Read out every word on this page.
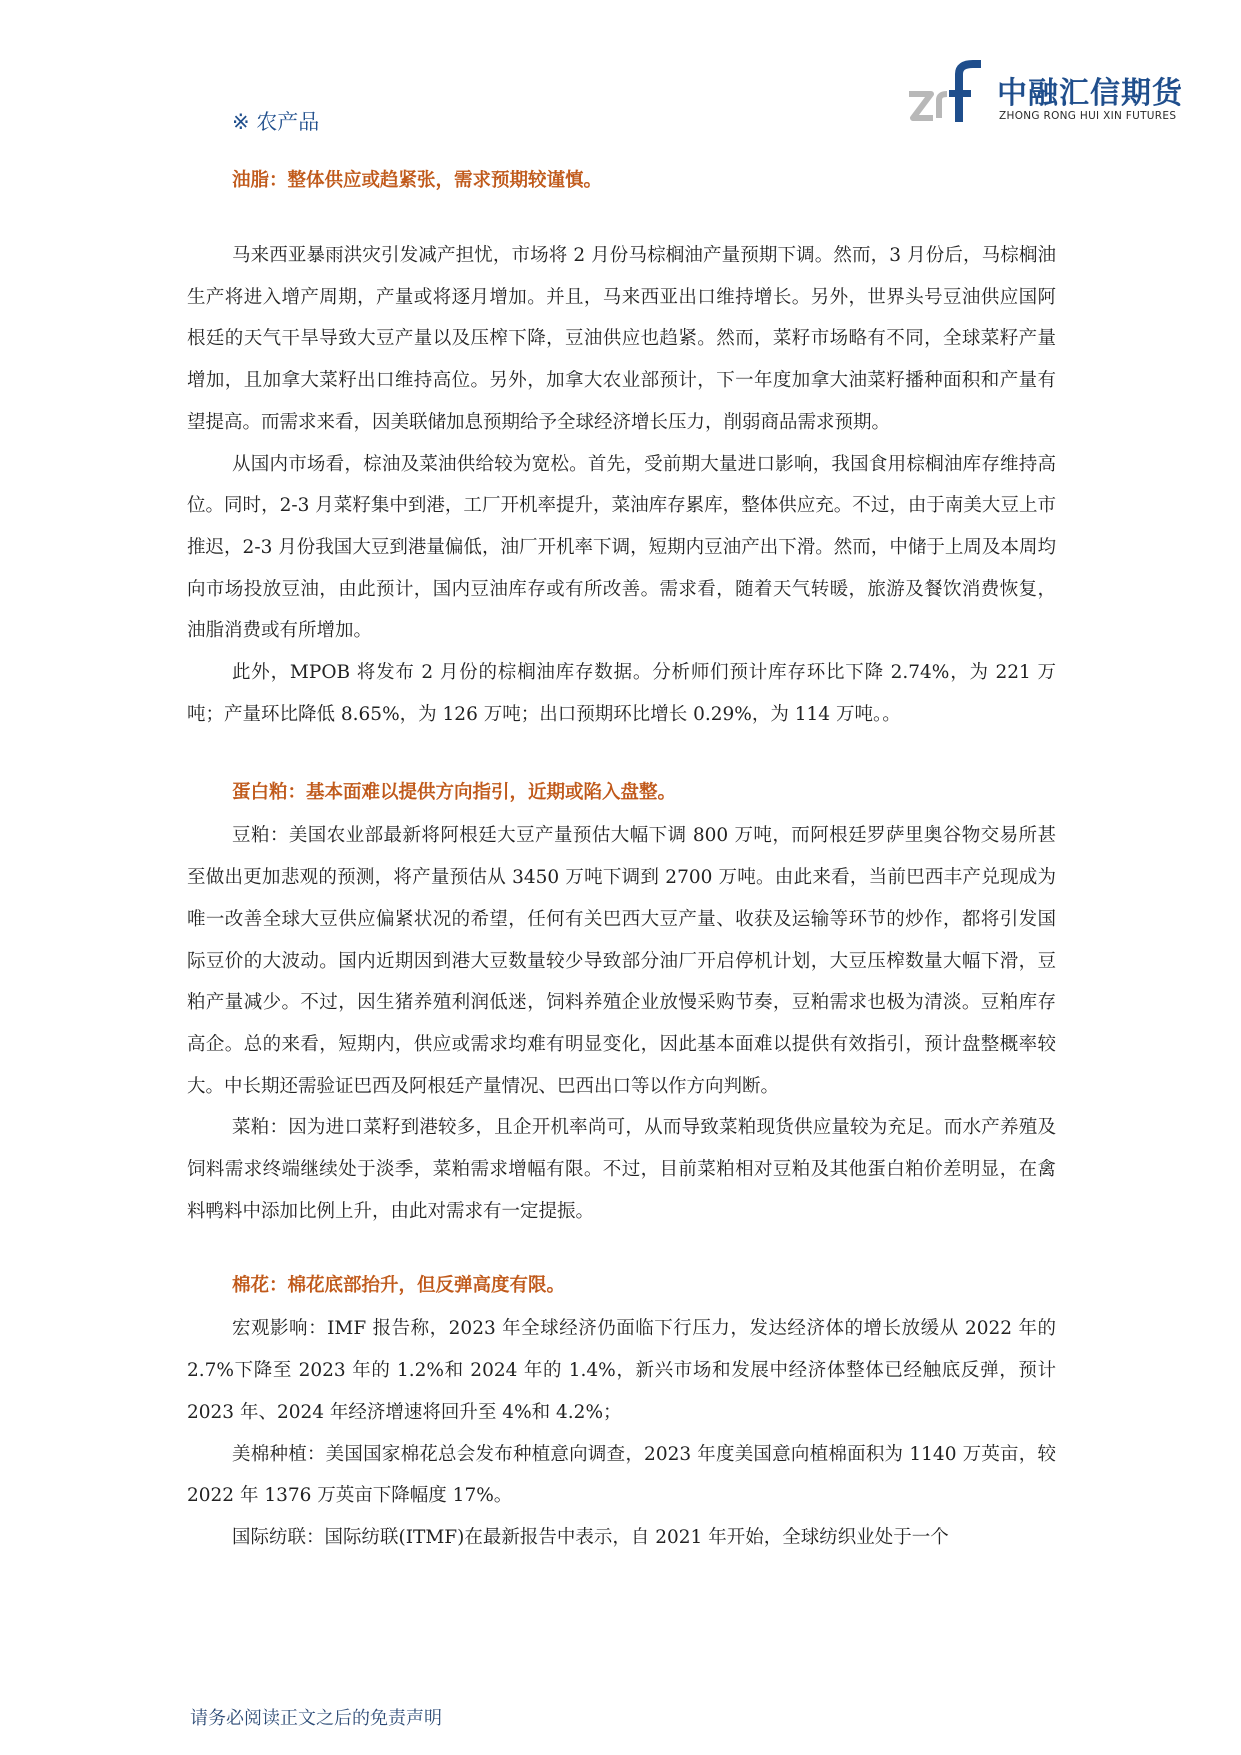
中融汇信期货
ZHONG RONG HUI XIN FUTURES
※ 农产品
油脂：整体供应或趋紧张，需求预期较谨慎。

马来西亚暴雨洪灾引发减产担忧，市场将 2 月份马棕榈油产量预期下调。然而，3 月份后，马棕榈油生产将进入增产周期，产量或将逐月增加。并且，马来西亚出口维持增长。另外，世界头号豆油供应国阿根廷的天气干旱导致大豆产量以及压榨下降，豆油供应也趋紧。然而，菜籽市场略有不同，全球菜籽产量增加，且加拿大菜籽出口维持高位。另外，加拿大农业部预计，下一年度加拿大油菜籽播种面积和产量有望提高。而需求来看，因美联储加息预期给予全球经济增长压力，削弱商品需求预期。

从国内市场看，棕油及菜油供给较为宽松。首先，受前期大量进口影响，我国食用棕榈油库存维持高位。同时，2-3 月菜籽集中到港，工厂开机率提升，菜油库存累库，整体供应充。不过，由于南美大豆上市推迟，2-3 月份我国大豆到港量偏低，油厂开机率下调，短期内豆油产出下滑。然而，中储于上周及本周均向市场投放豆油，由此预计，国内豆油库存或有所改善。需求看，随着天气转暖，旅游及餐饮消费恢复，油脂消费或有所增加。

此外，MPOB 将发布 2 月份的棕榈油库存数据。分析师们预计库存环比下降 2.74%，为 221 万吨；产量环比降低 8.65%，为 126 万吨；出口预期环比增长 0.29%，为 114 万吨。。

蛋白粕：基本面难以提供方向指引，近期或陷入盘整。

豆粕：美国农业部最新将阿根廷大豆产量预估大幅下调 800 万吨，而阿根廷罗萨里奥谷物交易所甚至做出更加悲观的预测，将产量预估从 3450 万吨下调到 2700 万吨。由此来看，当前巴西丰产兑现成为唯一改善全球大豆供应偏紧状况的希望，任何有关巴西大豆产量、收获及运输等环节的炒作，都将引发国际豆价的大波动。国内近期因到港大豆数量较少导致部分油厂开启停机计划，大豆压榨数量大幅下滑，豆粕产量减少。不过，因生猪养殖利润低迷，饲料养殖企业放慢采购节奏，豆粕需求也极为清淡。豆粕库存高企。总的来看，短期内，供应或需求均难有明显变化，因此基本面难以提供有效指引，预计盘整概率较大。中长期还需验证巴西及阿根廷产量情况、巴西出口等以作方向判断。

菜粕：因为进口菜籽到港较多，且企开机率尚可，从而导致菜粕现货供应量较为充足。而水产养殖及饲料需求终端继续处于淡季，菜粕需求增幅有限。不过，目前菜粕相对豆粕及其他蛋白粕价差明显，在禽料鸭料中添加比例上升，由此对需求有一定提振。

棉花：棉花底部抬升，但反弹高度有限。

宏观影响：IMF 报告称，2023 年全球经济仍面临下行压力，发达经济体的增长放缓从 2022 年的 2.7%下降至 2023 年的 1.2%和 2024 年的 1.4%，新兴市场和发展中经济体整体已经触底反弹，预计 2023 年、2024 年经济增速将回升至 4%和 4.2%；

美棉种植：美国国家棉花总会发布种植意向调查，2023 年度美国意向植棉面积为 1140 万英亩，较 2022 年 1376 万英亩下降幅度 17%。

国际纺联：国际纺联(ITMF)在最新报告中表示，自 2021 年开始，全球纺织业处于一个

请务必阅读正文之后的免责声明
